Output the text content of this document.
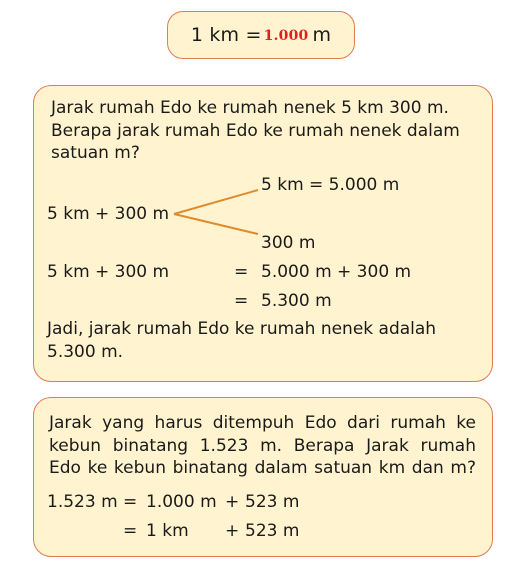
1 km = 1.000 m
Jarak rumah Edo ke rumah nenek 5 km 300 m.
Berapa jarak rumah Edo ke rumah nenek dalam
satuan m?
5 km = 5.000 m
5 km + 300 m
300 m
5 km + 300 m	= 5.000 m + 300 m
= 5.300 m
Jadi, jarak rumah Edo ke rumah nenek adalah
5.300 m.
Jarak yang harus ditempuh Edo dari rumah ke
kebun binatang 1.523 m. Berapa Jarak rumah
Edo ke kebun binatang dalam satuan km dan m?
1.523 m = 1.000 m + 523 m
= 1 km + 523 m
